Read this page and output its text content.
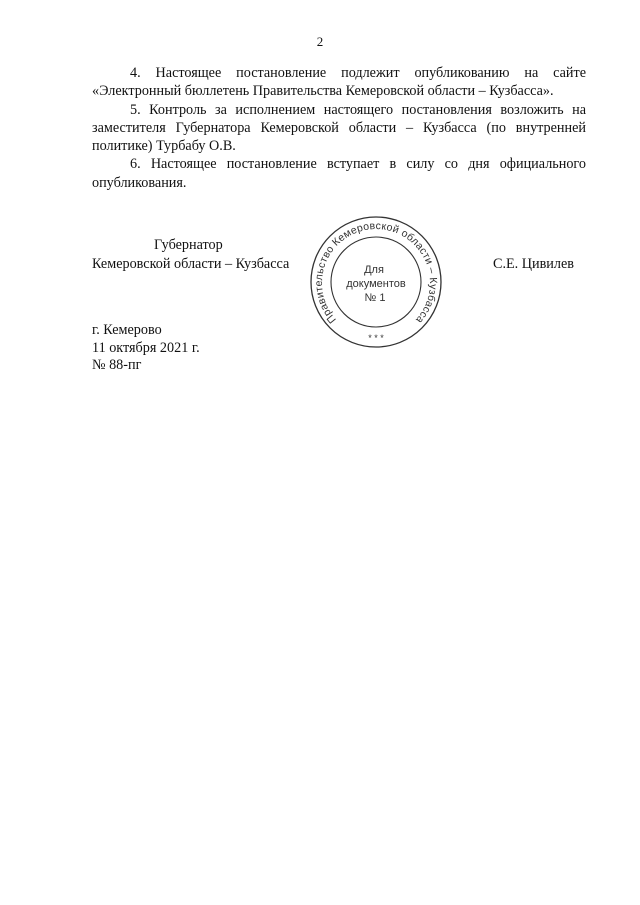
2

4. Настоящее постановление подлежит опубликованию на сайте «Электронный бюллетень Правительства Кемеровской области – Кузбасса».

5. Контроль за исполнением настоящего постановления возложить на заместителя Губернатора Кемеровской области – Кузбасса (по внутренней политике) Турбабу О.В.

6. Настоящее постановление вступает в силу со дня официального опубликования.

Губернатор
Кемеровской области – Кузбасса	С.Е. Цивилев
Правительство Кемеровской области – Кузбасса
* * *
Для
документов
№ 1
г. Кемерово
11 октября 2021 г.
№ 88-пг
